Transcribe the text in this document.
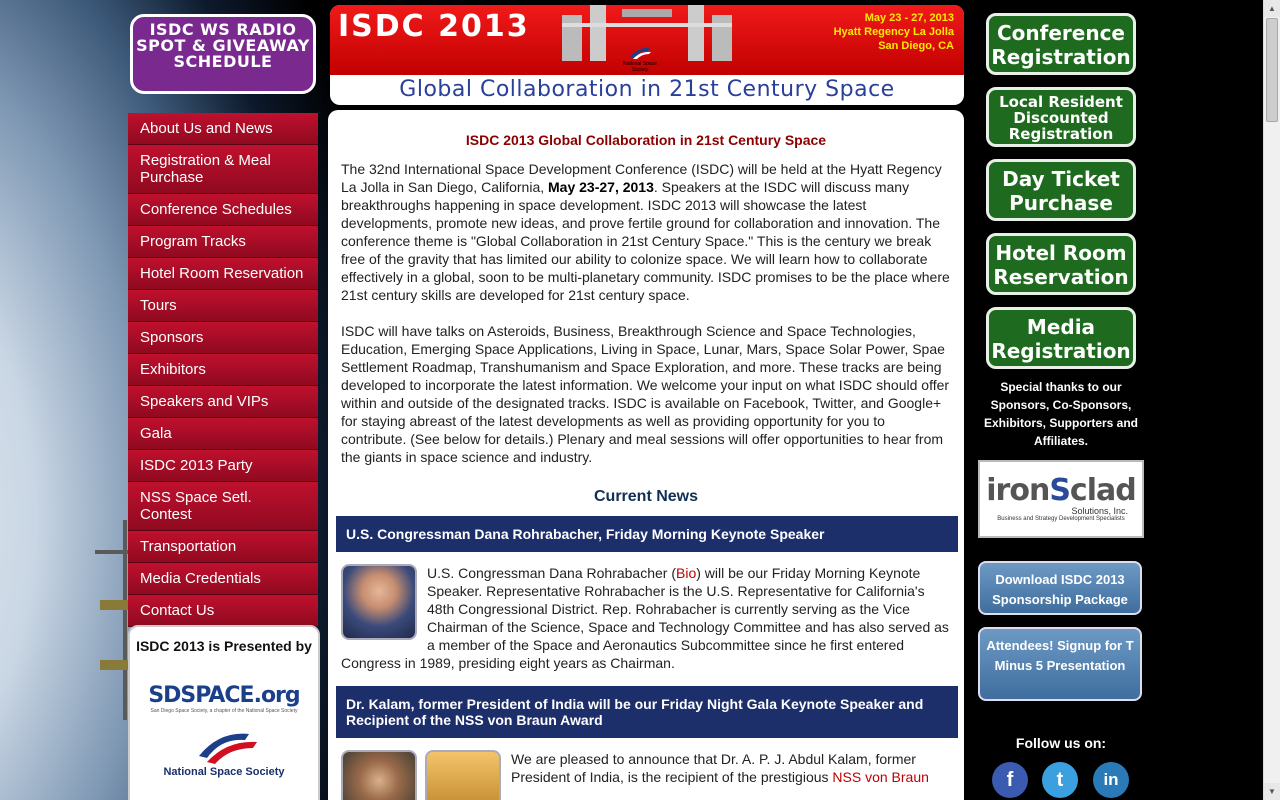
ISDC WS RADIO SPOT & GIVEAWAY SCHEDULE
About Us and News
Registration & Meal Purchase
Conference Schedules
Program Tracks
Hotel Room Reservation
Tours
Sponsors
Exhibitors
Speakers and VIPs
Gala
ISDC 2013 Party
NSS Space Setl. Contest
Transportation
Media Credentials
Contact Us
ISDC 2013 is Presented by
SDSPACE.org
San Diego Space Society, a chapter of the National Space Society
National Space Society
ISDC 2013
National Space Society
May 23 - 27, 2013
Hyatt Regency La Jolla
San Diego, CA
Global Collaboration in 21st Century Space
ISDC 2013 Global Collaboration in 21st Century Space

The 32nd International Space Development Conference (ISDC) will be held at the Hyatt Regency La Jolla in San Diego, California, May 23-27, 2013. Speakers at the ISDC will discuss many breakthroughs happening in space development. ISDC 2013 will showcase the latest developments, promote new ideas, and prove fertile ground for collaboration and innovation. The conference theme is "Global Collaboration in 21st Century Space." This is the century we break free of the gravity that has limited our ability to colonize space. We will learn how to collaborate effectively in a global, soon to be multi-planetary community. ISDC promises to be the place where 21st century skills are developed for 21st century space.

ISDC will have talks on Asteroids, Business, Breakthrough Science and Space Technologies, Education, Emerging Space Applications, Living in Space, Lunar, Mars, Space Solar Power, Spae Settlement Roadmap, Transhumanism and Space Exploration, and more. These tracks are being developed to incorporate the latest information. We welcome your input on what ISDC should offer within and outside of the designated tracks. ISDC is available on Facebook, Twitter, and Google+ for staying abreast of the latest developments as well as providing opportunity for you to contribute. (See below for details.) Plenary and meal sessions will offer opportunities to hear from the giants in space science and industry.

Current News
U.S. Congressman Dana Rohrabacher, Friday Morning Keynote Speaker
U.S. Congressman Dana Rohrabacher (Bio) will be our Friday Morning Keynote Speaker. Representative Rohrabacher is the U.S. Representative for California's 48th Congressional District. Rep. Rohrabacher is currently serving as the Vice Chairman of the Science, Space and Technology Committee and has also served as a member of the Space and Aeronautics Subcommittee since he first entered Congress in 1989, presiding eight years as Chairman.
Dr. Kalam, former President of India will be our Friday Night Gala Keynote Speaker and Recipient of the NSS von Braun Award
We are pleased to announce that Dr. A. P. J. Abdul Kalam, former President of India, is the recipient of the prestigious NSS von Braun
Conference Registration
Local Resident Discounted Registration
Day Ticket Purchase
Hotel Room Reservation
Media Registration
Special thanks to our Sponsors, Co-Sponsors, Exhibitors, Supporters and Affiliates.
ironSclad
Solutions, Inc.
Business and Strategy Development Specialists
Download ISDC 2013 Sponsorship Package
Attendees! Signup for T Minus 5 Presentation
Follow us on:
f	t	in
▲
▼
